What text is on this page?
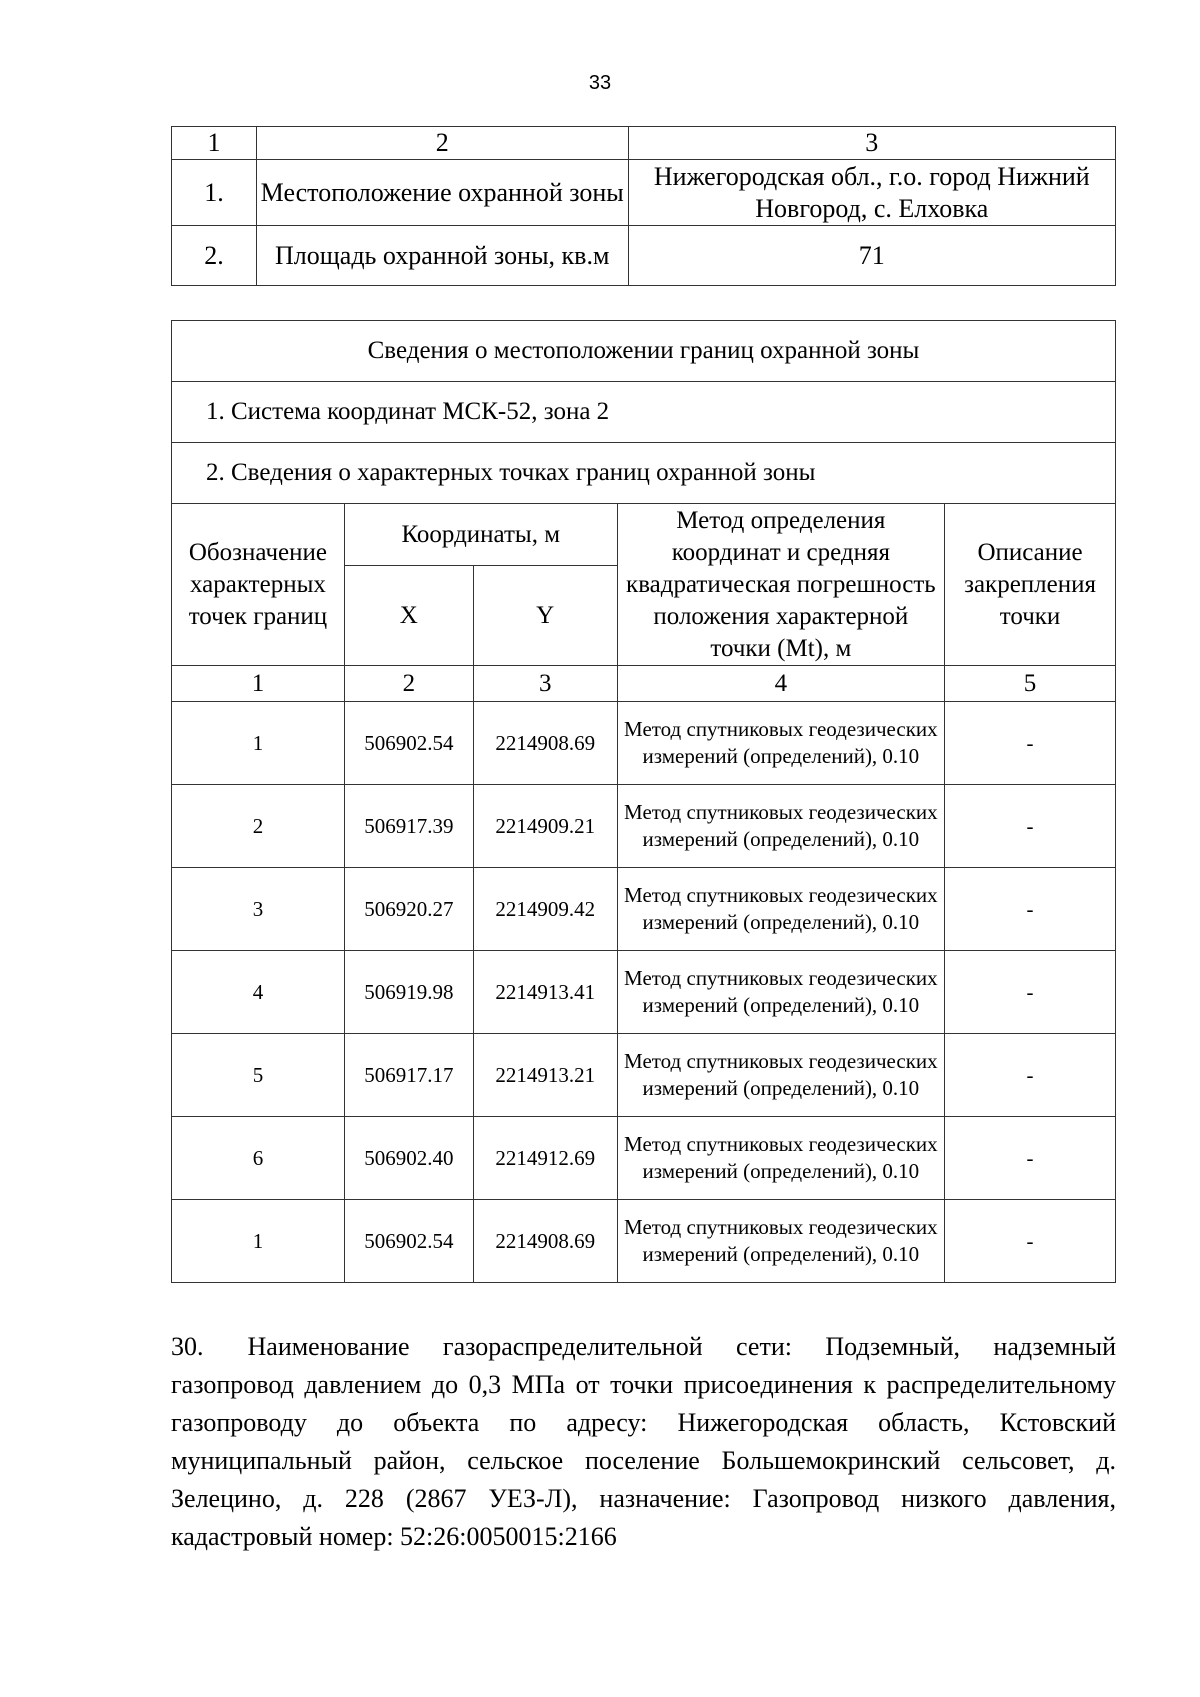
33
1	2	3
1.	Местоположение охранной зоны	Нижегородская обл., г.о. город Нижний Новгород, с. Елховка
2.	Площадь охранной зоны, кв.м	71
Сведения о местоположении границ охранной зоны				
1. Система координат МСК-52, зона 2				
2. Сведения о характерных точках границ охранной зоны				
Обозначение характерных точек границ	Координаты, м		Метод определения координат и средняя квадратическая погрешность положения характерной точки (Mt), м	Описание закрепления точки
	X	Y		
1	2	3	4	5
1	506902.54	2214908.69	Метод спутниковых геодезических измерений (определений), 0.10	-
2	506917.39	2214909.21	Метод спутниковых геодезических измерений (определений), 0.10	-
3	506920.27	2214909.42	Метод спутниковых геодезических измерений (определений), 0.10	-
4	506919.98	2214913.41	Метод спутниковых геодезических измерений (определений), 0.10	-
5	506917.17	2214913.21	Метод спутниковых геодезических измерений (определений), 0.10	-
6	506902.40	2214912.69	Метод спутниковых геодезических измерений (определений), 0.10	-
1	506902.54	2214908.69	Метод спутниковых геодезических измерений (определений), 0.10	-

30. Наименование газораспределительной сети: Подземный, надземный газопровод давлением до 0,3 МПа от точки присоединения к распределительному газопроводу до объекта по адресу: Нижегородская область, Кстовский муниципальный район, сельское поселение Большемокринский сельсовет, д. Зелецино, д. 228 (2867 УЕЗ-Л), назначение: Газопровод низкого давления, кадастровый номер: 52:26:0050015:2166
